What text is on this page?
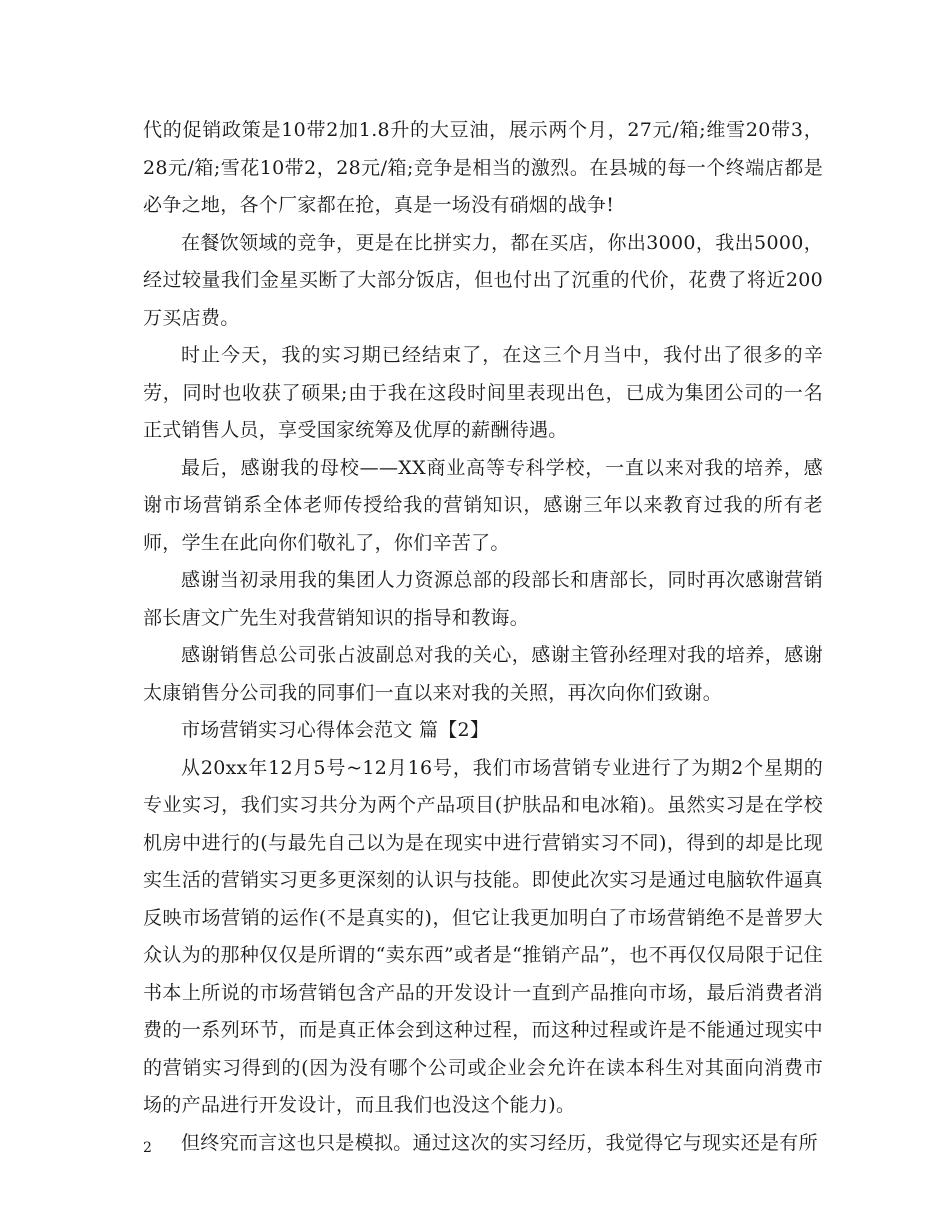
代的促销政策是10带2加1.8升的大豆油，展示两个月，27元/箱;维雪20带3，28元/箱;雪花10带2，28元/箱;竞争是相当的激烈。在县城的每一个终端店都是必争之地，各个厂家都在抢，真是一场没有硝烟的战争!

在餐饮领域的竞争，更是在比拼实力，都在买店，你出3000，我出5000，经过较量我们金星买断了大部分饭店，但也付出了沉重的代价，花费了将近200万买店费。

时止今天，我的实习期已经结束了，在这三个月当中，我付出了很多的辛劳，同时也收获了硕果;由于我在这段时间里表现出色，已成为集团公司的一名正式销售人员，享受国家统筹及优厚的薪酬待遇。

最后，感谢我的母校——XX商业高等专科学校，一直以来对我的培养，感谢市场营销系全体老师传授给我的营销知识，感谢三年以来教育过我的所有老师，学生在此向你们敬礼了，你们辛苦了。

感谢当初录用我的集团人力资源总部的段部长和唐部长，同时再次感谢营销部长唐文广先生对我营销知识的指导和教诲。

感谢销售总公司张占波副总对我的关心，感谢主管孙经理对我的培养，感谢太康销售分公司我的同事们一直以来对我的关照，再次向你们致谢。

市场营销实习心得体会范文 篇【2】

从20xx年12月5号~12月16号，我们市场营销专业进行了为期2个星期的专业实习，我们实习共分为两个产品项目(护肤品和电冰箱)。虽然实习是在学校机房中进行的(与最先自己以为是在现实中进行营销实习不同)，得到的却是比现实生活的营销实习更多更深刻的认识与技能。即使此次实习是通过电脑软件逼真反映市场营销的运作(不是真实的)，但它让我更加明白了市场营销绝不是普罗大众认为的那种仅仅是所谓的“卖东西”或者是“推销产品”，也不再仅仅局限于记住书本上所说的市场营销包含产品的开发设计一直到产品推向市场，最后消费者消费的一系列环节，而是真正体会到这种过程，而这种过程或许是不能通过现实中的营销实习得到的(因为没有哪个公司或企业会允许在读本科生对其面向消费市场的产品进行开发设计，而且我们也没这个能力)。

但终究而言这也只是模拟。通过这次的实习经历，我觉得它与现实还是有所

2
